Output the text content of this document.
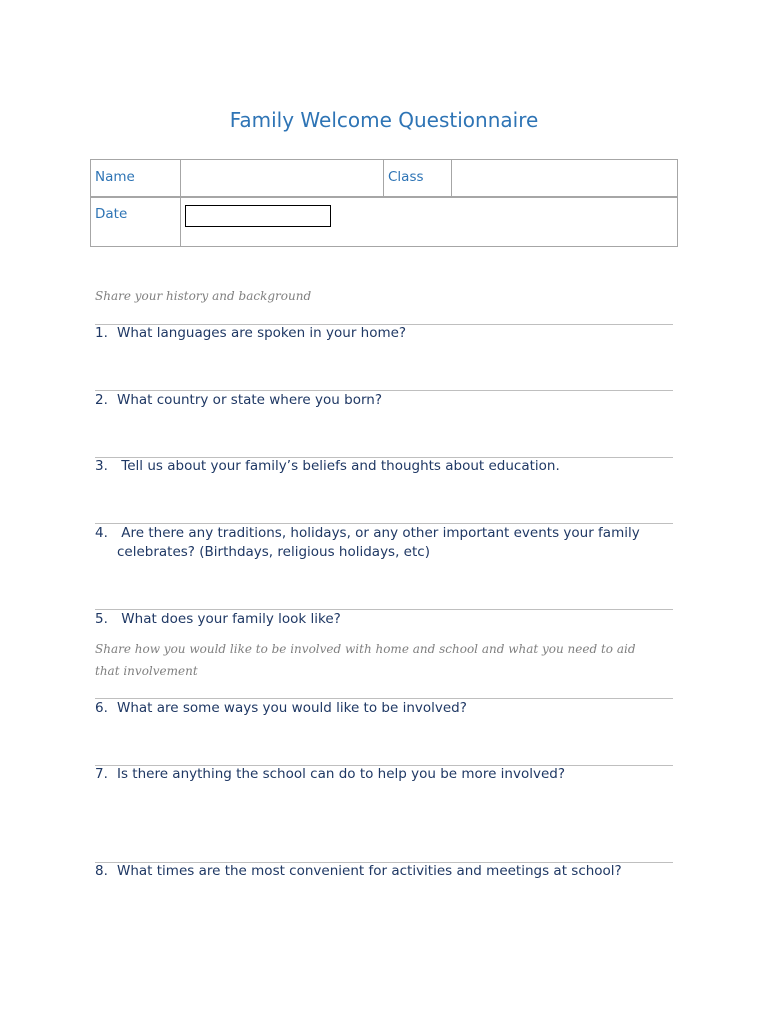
Family Welcome Questionnaire
Name	Class
Date
Share your history and background
1. What languages are spoken in your home?
2. What country or state where you born?
3. Tell us about your family’s beliefs and thoughts about education.
4. Are there any traditions, holidays, or any other important events your family celebrates? (Birthdays, religious holidays, etc)
5. What does your family look like?
Share how you would like to be involved with home and school and what you need to aid that involvement
6. What are some ways you would like to be involved?
7. Is there anything the school can do to help you be more involved?
8. What times are the most convenient for activities and meetings at school?
